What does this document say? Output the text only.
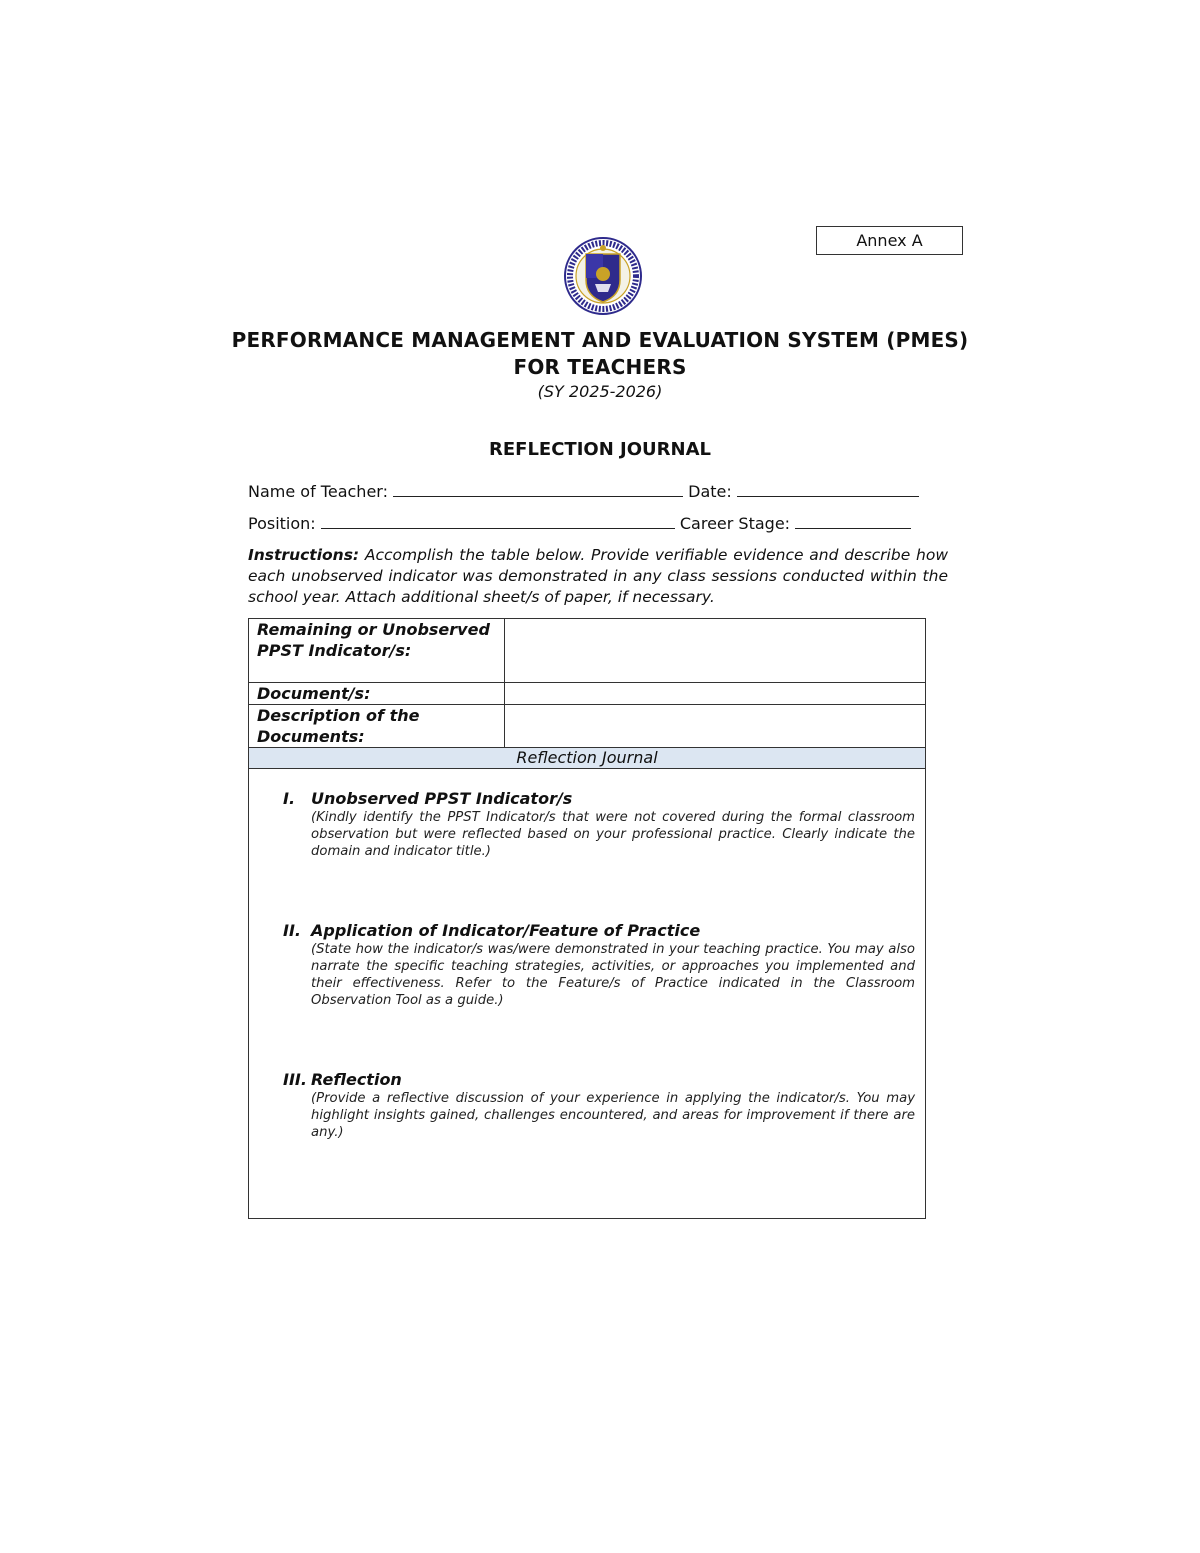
Annex A
PERFORMANCE MANAGEMENT AND EVALUATION SYSTEM (PMES)
FOR TEACHERS
(SY 2025-2026)
REFLECTION JOURNAL
Name of Teacher:	Date:
Position:	Career Stage:
Instructions: Accomplish the table below. Provide verifiable evidence and describe how each unobserved indicator was demonstrated in any class sessions conducted within the school year. Attach additional sheet/s of paper, if necessary.
Remaining or Unobserved PPST Indicator/s:	
Document/s:	
Description of the Documents:	
Reflection Journal	

I. Unobserved PPST Indicator/s
(Kindly identify the PPST Indicator/s that were not covered during the formal classroom observation but were reflected based on your professional practice. Clearly indicate the domain and indicator title.)
II. Application of Indicator/Feature of Practice
(State how the indicator/s was/were demonstrated in your teaching practice. You may also narrate the specific teaching strategies, activities, or approaches you implemented and their effectiveness. Refer to the Feature/s of Practice indicated in the Classroom Observation Tool as a guide.)
III. Reflection
(Provide a reflective discussion of your experience in applying the indicator/s. You may highlight insights gained, challenges encountered, and areas for improvement if there are any.)
